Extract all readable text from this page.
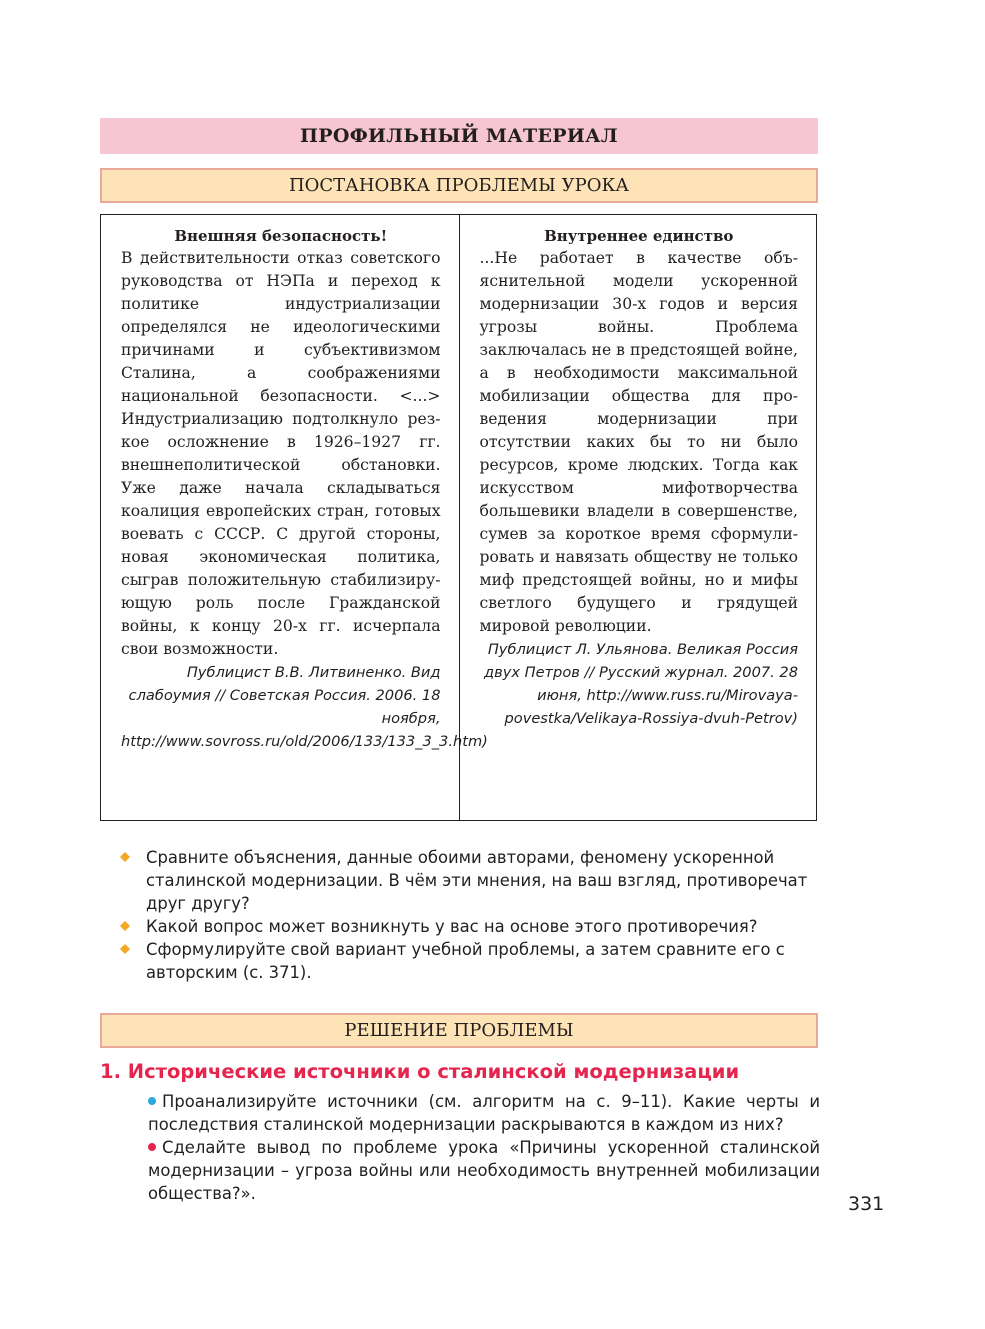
ПРОФИЛЬНЫЙ МАТЕРИАЛ
ПОСТАНОВКА ПРОБЛЕМЫ УРОКА

Внешняя безопасность!

В действительности отказ советского руководства от НЭПа и переход к политике индустриализации определялся не идеологическими причинами и субъективизмом Сталина, а соображениями национальной безопасности. <...> Индустриализацию подтолкнуло резкое осложнение в 1926–1927 гг. внешнеполитической обстановки. Уже даже начала складываться коалиция европейских стран, готовых воевать с СССР. С другой стороны, новая экономическая политика, сыграв положительную стабилизирующую роль после Гражданской войны, к концу 20-х гг. исчерпала свои возможности.

Публицист В.В. Литвиненко. Вид слабоумия // Советская Россия. 2006. 18 ноября, http://www.sovross.ru/old/2006/133/133_3_3.htm)

Внутреннее единство

...Не работает в качестве объяснительной модели ускоренной модернизации 30-х годов и версия угрозы войны. Проблема заключалась не в предстоящей войне, а в необходимости максимальной мобилизации общества для проведения модернизации при отсутствии каких бы то ни было ресурсов, кроме людских. Тогда как искусством мифотворчества большевики владели в совершенстве, сумев за короткое время сформулировать и навязать обществу не только миф предстоящей войны, но и мифы светлого будущего и грядущей мировой революции.

Публицист Л. Ульянова. Великая Россия двух Петров // Русский журнал. 2007. 28 июня, http://www.russ.ru/Mirovaya-povestka/Velikaya-Rossiya-dvuh-Petrov)

Сравните объяснения, данные обоими авторами, феномену ускоренной сталинской модернизации. В чём эти мнения, на ваш взгляд, противоречат друг другу?
Какой вопрос может возникнуть у вас на основе этого противоречия?
Сформулируйте свой вариант учебной проблемы, а затем сравните его с авторским (с. 371).
РЕШЕНИЕ ПРОБЛЕМЫ
1. Исторические источники о сталинской модернизации

Проанализируйте источники (см. алгоритм на с. 9–11). Какие черты и последствия сталинской модернизации раскрываются в каждом из них?

Сделайте вывод по проблеме урока «Причины ускоренной сталинской модернизации – угроза войны или необходимость внутренней мобилизации общества?».	331
